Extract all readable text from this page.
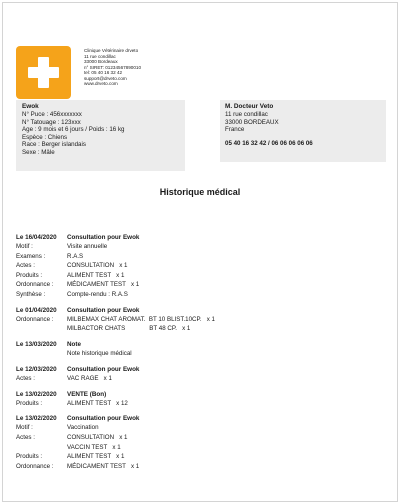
Clinique Vétérinaire drveto
11 rue condillac
33000 Bordeaux
n° SIRET: 01234567890010
tel: 05 40 16 32 42
support@drveto.com
www.drveto.com
Ewok
N° Puce : 456xxxxxxx
N° Tatouage : 123xxx
Age : 9 mois et 6 jours / Poids : 16 kg
Espèce : Chiens
Race : Berger islandais
Sexe : Mâle
M. Docteur Veto
11 rue condillac
33000 BORDEAUX
France
05 40 16 32 42 / 06 06 06 06 06
Historique médical
Le 16/04/2020 Consultation pour Ewok
Motif :	Visite annuelle
Examens :	R.A.S
Actes :	CONSULTATION   x 1
Produits :	ALIMENT TEST   x 1
Ordonnance : MÉDICAMENT TEST   x 1
Synthèse :	Compte-rendu : R.A.S
Le 01/04/2020 Consultation pour Ewok
Ordonnance : MILBEMAX CHAT AROMAT.  BT 10 BLIST.10CP.   x 1
MILBACTOR CHATS              BT 48 CP.   x 1
Le 13/03/2020 Note
Note historique médical
Le 12/03/2020 Consultation pour Ewok
Actes :	VAC RAGE   x 1
Le 13/02/2020 VENTE (Bon)
Produits :	ALIMENT TEST   x 12
Le 13/02/2020 Consultation pour Ewok
Motif :	Vaccination
Actes :	CONSULTATION   x 1
VACCIN TEST   x 1
Produits :	ALIMENT TEST   x 1
Ordonnance : MÉDICAMENT TEST   x 1
